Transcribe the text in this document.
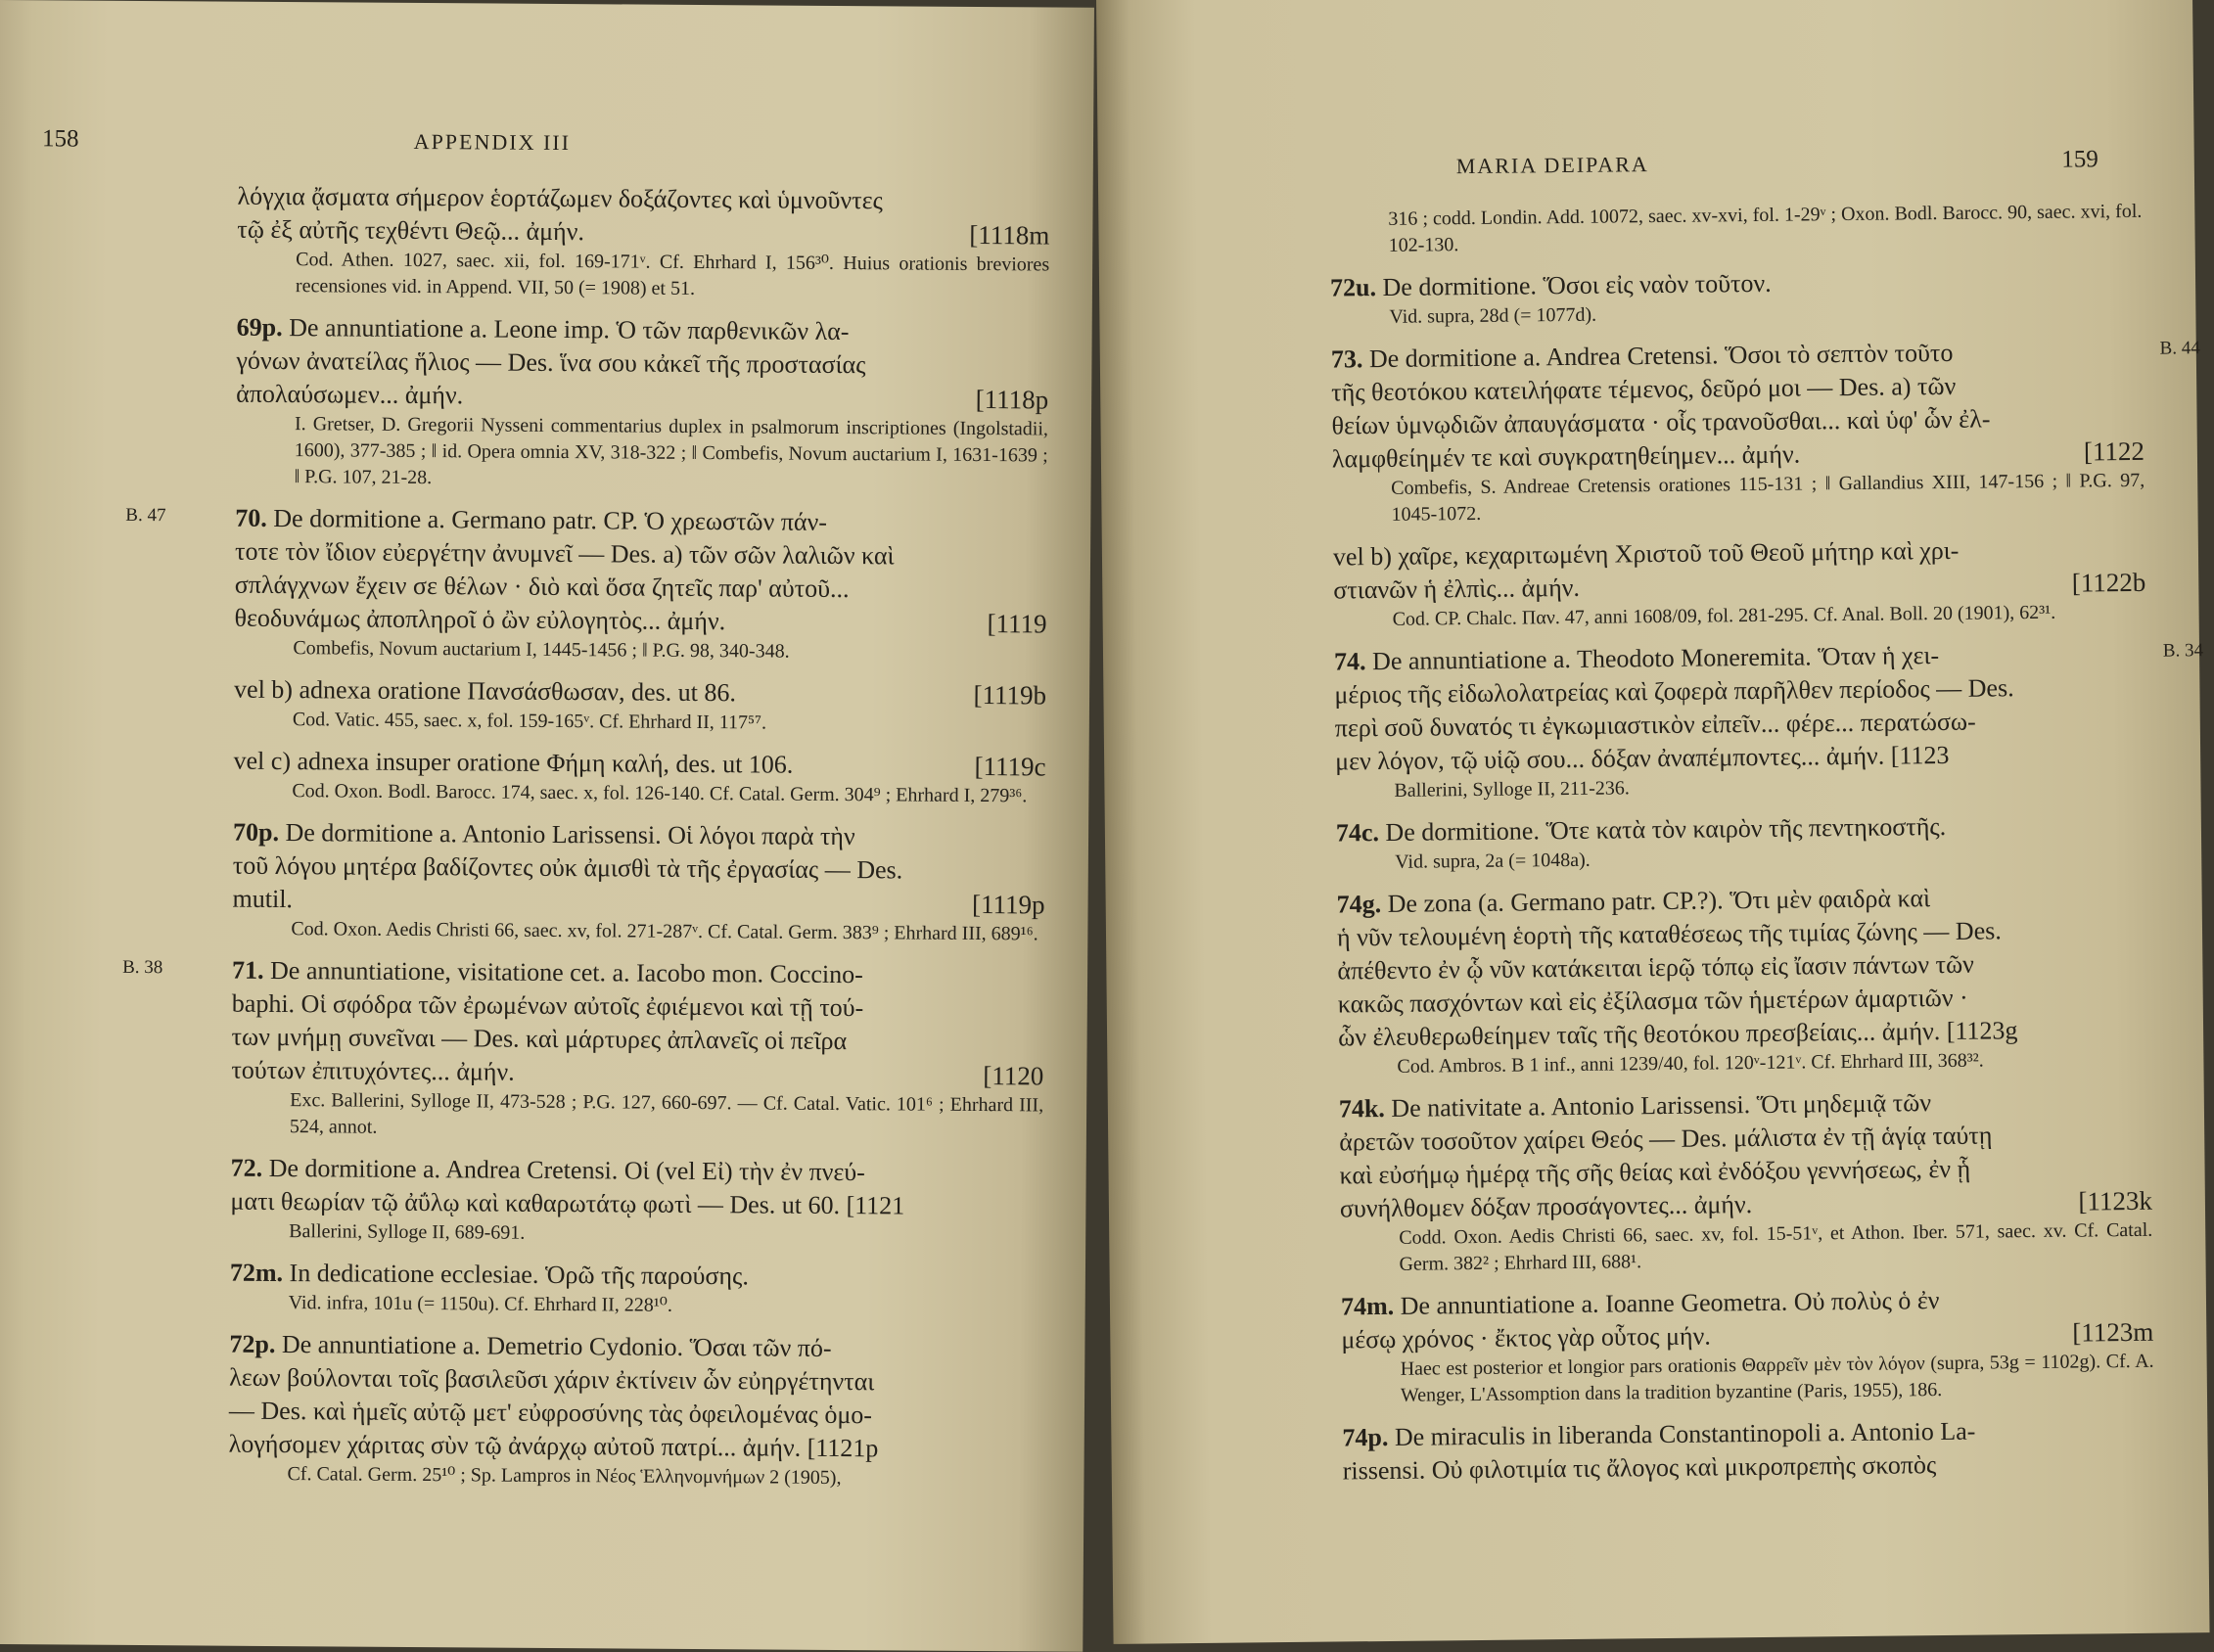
158	APPENDIX III
λόγχια ᾄσματα σήμερον ἑορτάζωμεν δοξάζοντες καὶ ὑμνοῦντες
τῷ ἐξ αὐτῆς τεχθέντι Θεῷ... ἀμήν.	[1118m
Cod. Athen. 1027, saec. xii, fol. 169-171ᵛ. Cf. Ehrhard I, 156³⁰. Huius orationis breviores recensiones vid. in Append. VII, 50 (= 1908) et 51.
69p. De annuntiatione a. Leone imp. Ὁ τῶν παρθενικῶν λα-
γόνων ἀνατείλας ἥλιος — Des. ἵνα σου κἀκεῖ τῆς προστασίας
ἀπολαύσωμεν... ἀμήν.	[1118p
I. Gretser, D. Gregorii Nysseni commentarius duplex in psalmorum inscriptiones (Ingolstadii, 1600), 377-385 ; ‖ id. Opera omnia XV, 318-322 ; ‖ Combefis, Novum auctarium I, 1631-1639 ; ‖ P.G. 107, 21-28.
B. 47	70. De dormitione a. Germano patr. CP. Ὁ χρεωστῶν πάν-
τοτε τὸν ἴδιον εὐεργέτην ἀνυμνεῖ — Des. a) τῶν σῶν λαλιῶν καὶ
σπλάγχνων ἔχειν σε θέλων · διὸ καὶ ὅσα ζητεῖς παρ' αὐτοῦ...
θεοδυνάμως ἀποπληροῖ ὁ ὢν εὐλογητὸς... ἀμήν.	[1119
Combefis, Novum auctarium I, 1445-1456 ; ‖ P.G. 98, 340-348.
vel b) adnexa oratione Πανσάσθωσαν, des. ut 86.	[1119b
Cod. Vatic. 455, saec. x, fol. 159-165ᵛ. Cf. Ehrhard II, 117⁵⁷.
vel c) adnexa insuper oratione Φήμη καλή, des. ut 106.	[1119c
Cod. Oxon. Bodl. Barocc. 174, saec. x, fol. 126-140. Cf. Catal. Germ. 304⁹ ; Ehrhard I, 279³⁶.
70p. De dormitione a. Antonio Larissensi. Οἱ λόγοι παρὰ τὴν
τοῦ λόγου μητέρα βαδίζοντες οὐκ ἀμισθὶ τὰ τῆς ἐργασίας — Des.
mutil.	[1119p
Cod. Oxon. Aedis Christi 66, saec. xv, fol. 271-287ᵛ. Cf. Catal. Germ. 383⁹ ; Ehrhard III, 689¹⁶.
B. 38	71. De annuntiatione, visitatione cet. a. Iacobo mon. Coccino-
baphi. Οἱ σφόδρα τῶν ἐρωμένων αὐτοῖς ἐφιέμενοι καὶ τῇ τού-
των μνήμῃ συνεῖναι — Des. καὶ μάρτυρες ἀπλανεῖς οἱ πεῖρα
τούτων ἐπιτυχόντες... ἀμήν.	[1120
Exc. Ballerini, Sylloge II, 473-528 ; P.G. 127, 660-697. — Cf. Catal. Vatic. 101⁶ ; Ehrhard III, 524, annot.
72. De dormitione a. Andrea Cretensi. Οἱ (vel Εἰ) τὴν ἐν πνεύ-
ματι θεωρίαν τῷ ἀΰλῳ καὶ καθαρωτάτῳ φωτὶ — Des. ut 60. [1121
Ballerini, Sylloge II, 689-691.
72m. In dedicatione ecclesiae. Ὁρῶ τῆς παρούσης.
Vid. infra, 101u (= 1150u). Cf. Ehrhard II, 228¹⁰.
72p. De annuntiatione a. Demetrio Cydonio. Ὅσαι τῶν πό-
λεων βούλονται τοῖς βασιλεῦσι χάριν ἐκτίνειν ὧν εὐηργέτηνται
— Des. καὶ ἡμεῖς αὐτῷ μετ' εὐφροσύνης τὰς ὀφειλομένας ὁμο-
λογήσομεν χάριτας σὺν τῷ ἀνάρχῳ αὐτοῦ πατρί... ἀμήν. [1121p
Cf. Catal. Germ. 25¹⁰ ; Sp. Lampros in Νέος Ἑλληνομνήμων 2 (1905),
MARIA DEIPARA	159
316 ; codd. Londin. Add. 10072, saec. xv-xvi, fol. 1-29ᵛ ; Oxon. Bodl. Barocc. 90, saec. xvi, fol. 102-130.
72u. De dormitione. Ὅσοι εἰς ναὸν τοῦτον.
Vid. supra, 28d (= 1077d).
B. 44
73. De dormitione a. Andrea Cretensi. Ὅσοι τὸ σεπτὸν τοῦτο
τῆς θεοτόκου κατειλήφατε τέμενος, δεῦρό μοι — Des. a) τῶν
θείων ὑμνῳδιῶν ἀπαυγάσματα · οἷς τρανοῦσθαι... καὶ ὑφ' ὧν ἐλ-
λαμφθείημέν τε καὶ συγκρατηθείημεν... ἀμήν.	[1122
Combefis, S. Andreae Cretensis orationes 115-131 ; ‖ Gallandius XIII, 147-156 ; ‖ P.G. 97, 1045-1072.
vel b) χαῖρε, κεχαριτωμένη Χριστοῦ τοῦ Θεοῦ μήτηρ καὶ χρι-
στιανῶν ἡ ἐλπὶς... ἀμήν.	[1122b
Cod. CP. Chalc. Παν. 47, anni 1608/09, fol. 281-295. Cf. Anal. Boll. 20 (1901), 62³¹.
B. 34
74. De annuntiatione a. Theodoto Moneremita. Ὅταν ἡ χει-
μέριος τῆς εἰδωλολατρείας καὶ ζοφερὰ παρῆλθεν περίοδος — Des.
περὶ σοῦ δυνατός τι ἐγκωμιαστικὸν εἰπεῖν... φέρε... περατώσω-
μεν λόγον, τῷ υἱῷ σου... δόξαν ἀναπέμποντες... ἀμήν. [1123
Ballerini, Sylloge II, 211-236.
74c. De dormitione. Ὅτε κατὰ τὸν καιρὸν τῆς πεντηκοστῆς.
Vid. supra, 2a (= 1048a).
74g. De zona (a. Germano patr. CP.?). Ὅτι μὲν φαιδρὰ καὶ
ἡ νῦν τελουμένη ἑορτὴ τῆς καταθέσεως τῆς τιμίας ζώνης — Des.
ἀπέθεντο ἐν ᾧ νῦν κατάκειται ἱερῷ τόπῳ εἰς ἴασιν πάντων τῶν
κακῶς πασχόντων καὶ εἰς ἐξίλασμα τῶν ἡμετέρων ἁμαρτιῶν ·
ὧν ἐλευθερωθείημεν ταῖς τῆς θεοτόκου πρεσβείαις... ἀμήν. [1123g
Cod. Ambros. B 1 inf., anni 1239/40, fol. 120ᵛ-121ᵛ. Cf. Ehrhard III, 368³².
74k. De nativitate a. Antonio Larissensi. Ὅτι μηδεμιᾷ τῶν
ἀρετῶν τοσοῦτον χαίρει Θεός — Des. μάλιστα ἐν τῇ ἁγίᾳ ταύτῃ
καὶ εὐσήμῳ ἡμέρᾳ τῆς σῆς θείας καὶ ἐνδόξου γεννήσεως, ἐν ᾗ
συνήλθομεν δόξαν προσάγοντες... ἀμήν.	[1123k
Codd. Oxon. Aedis Christi 66, saec. xv, fol. 15-51ᵛ, et Athon. Iber. 571, saec. xv. Cf. Catal. Germ. 382² ; Ehrhard III, 688¹.
74m. De annuntiatione a. Ioanne Geometra. Οὐ πολὺς ὁ ἐν
μέσῳ χρόνος · ἔκτος γὰρ οὗτος μήν.	[1123m
Haec est posterior et longior pars orationis Θαρρεῖν μὲν τὸν λόγον (supra, 53g = 1102g). Cf. A. Wenger, L'Assomption dans la tradition byzantine (Paris, 1955), 186.
74p. De miraculis in liberanda Constantinopoli a. Antonio La-
rissensi. Οὐ φιλοτιμία τις ἄλογος καὶ μικροπρεπὴς σκοπὸς
